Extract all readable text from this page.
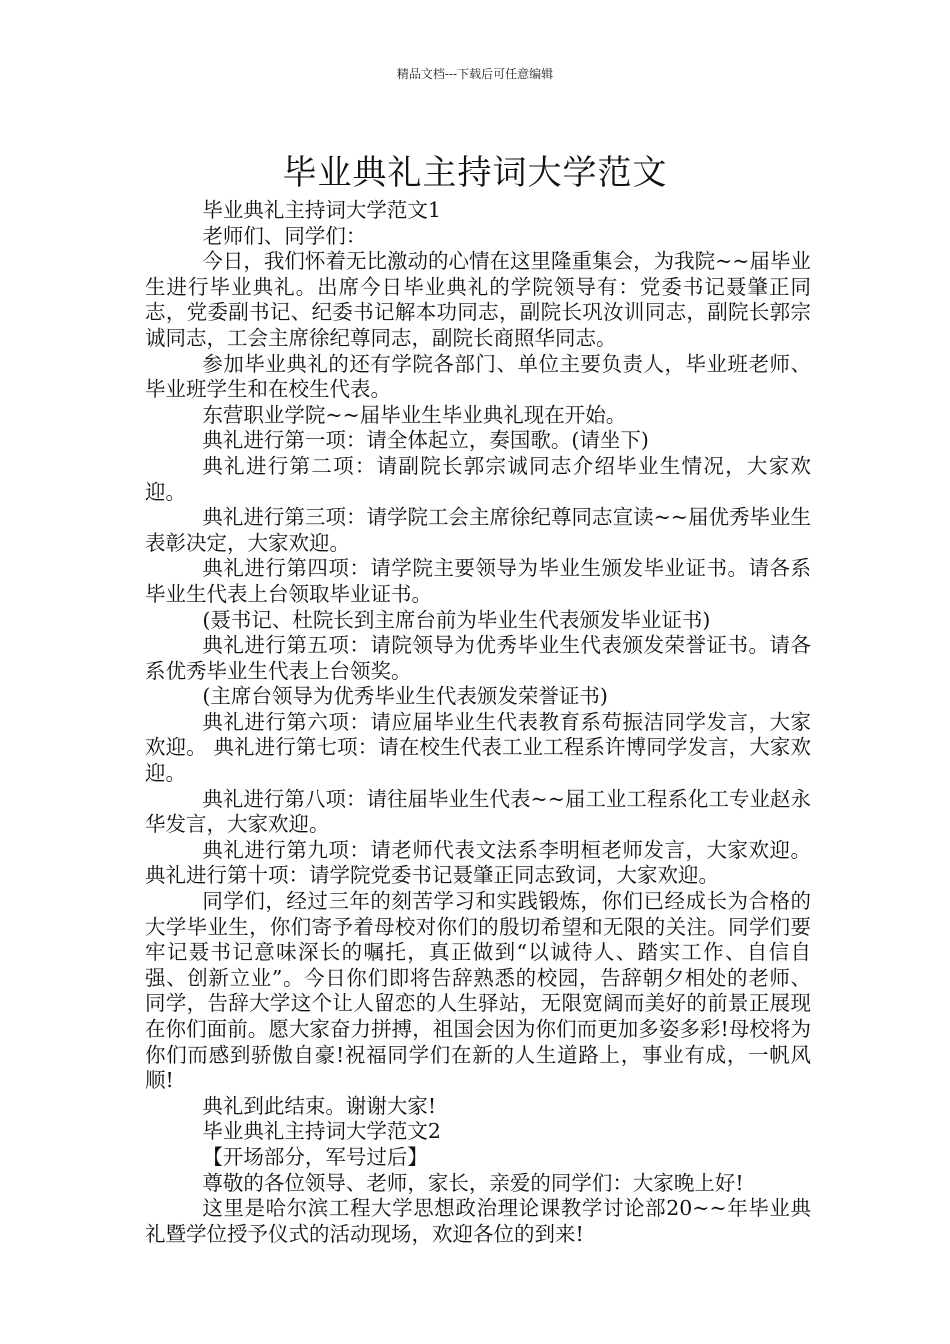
精品文档---下载后可任意编辑
毕业典礼主持词大学范文

毕业典礼主持词大学范文1

老师们、同学们：

今日，我们怀着无比激动的心情在这里隆重集会，为我院~~届毕业生进行毕业典礼。出席今日毕业典礼的学院领导有：党委书记聂肇正同志，党委副书记、纪委书记解本功同志，副院长巩汝训同志，副院长郭宗诚同志，工会主席徐纪尊同志，副院长商照华同志。

参加毕业典礼的还有学院各部门、单位主要负责人，毕业班老师、毕业班学生和在校生代表。

东营职业学院~~届毕业生毕业典礼现在开始。

典礼进行第一项：请全体起立，奏国歌。(请坐下)

典礼进行第二项：请副院长郭宗诚同志介绍毕业生情况，大家欢迎。

典礼进行第三项：请学院工会主席徐纪尊同志宣读~~届优秀毕业生表彰决定，大家欢迎。

典礼进行第四项：请学院主要领导为毕业生颁发毕业证书。请各系毕业生代表上台领取毕业证书。

(聂书记、杜院长到主席台前为毕业生代表颁发毕业证书)

典礼进行第五项：请院领导为优秀毕业生代表颁发荣誉证书。请各系优秀毕业生代表上台领奖。

(主席台领导为优秀毕业生代表颁发荣誉证书)

典礼进行第六项：请应届毕业生代表教育系苟振洁同学发言，大家欢迎。 典礼进行第七项：请在校生代表工业工程系许博同学发言，大家欢迎。

典礼进行第八项：请往届毕业生代表~~届工业工程系化工专业赵永华发言，大家欢迎。

典礼进行第九项：请老师代表文法系李明桓老师发言，大家欢迎。 典礼进行第十项：请学院党委书记聂肇正同志致词，大家欢迎。

同学们，经过三年的刻苦学习和实践锻炼，你们已经成长为合格的大学毕业生，你们寄予着母校对你们的殷切希望和无限的关注。同学们要牢记聂书记意味深长的嘱托，真正做到“以诚待人、踏实工作、自信自强、创新立业”。今日你们即将告辞熟悉的校园，告辞朝夕相处的老师、同学，告辞大学这个让人留恋的人生驿站，无限宽阔而美好的前景正展现在你们面前。愿大家奋力拼搏，祖国会因为你们而更加多姿多彩!母校将为你们而感到骄傲自豪!祝福同学们在新的人生道路上，事业有成，一帆风顺!

典礼到此结束。谢谢大家!

毕业典礼主持词大学范文2

【开场部分，军号过后】

尊敬的各位领导、老师，家长，亲爱的同学们：大家晚上好!

这里是哈尔滨工程大学思想政治理论课教学讨论部20~~年毕业典礼暨学位授予仪式的活动现场，欢迎各位的到来!
